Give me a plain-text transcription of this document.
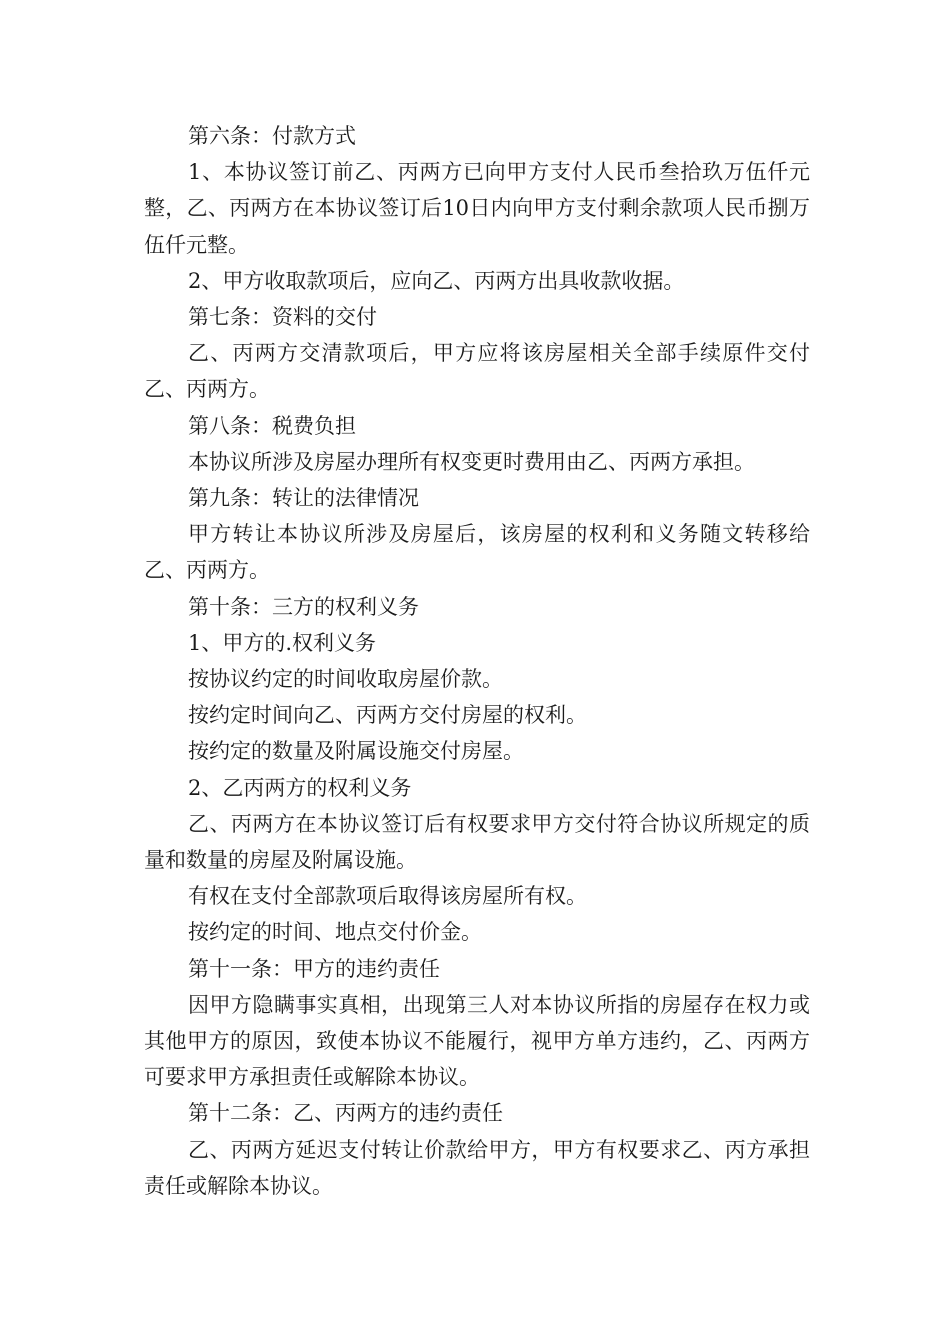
第六条：付款方式

1、本协议签订前乙、丙两方已向甲方支付人民币叁拾玖万伍仟元整，乙、丙两方在本协议签订后10日内向甲方支付剩余款项人民币捌万伍仟元整。

2、甲方收取款项后，应向乙、丙两方出具收款收据。

第七条：资料的交付

乙、丙两方交清款项后，甲方应将该房屋相关全部手续原件交付乙、丙两方。

第八条：税费负担

本协议所涉及房屋办理所有权变更时费用由乙、丙两方承担。

第九条：转让的法律情况

甲方转让本协议所涉及房屋后，该房屋的权利和义务随文转移给乙、丙两方。

第十条：三方的权利义务

1、甲方的.权利义务

按协议约定的时间收取房屋价款。

按约定时间向乙、丙两方交付房屋的权利。

按约定的数量及附属设施交付房屋。

2、乙丙两方的权利义务

乙、丙两方在本协议签订后有权要求甲方交付符合协议所规定的质量和数量的房屋及附属设施。

有权在支付全部款项后取得该房屋所有权。

按约定的时间、地点交付价金。

第十一条：甲方的违约责任

因甲方隐瞒事实真相，出现第三人对本协议所指的房屋存在权力或其他甲方的原因，致使本协议不能履行，视甲方单方违约，乙、丙两方可要求甲方承担责任或解除本协议。

第十二条：乙、丙两方的违约责任

乙、丙两方延迟支付转让价款给甲方，甲方有权要求乙、丙方承担责任或解除本协议。
